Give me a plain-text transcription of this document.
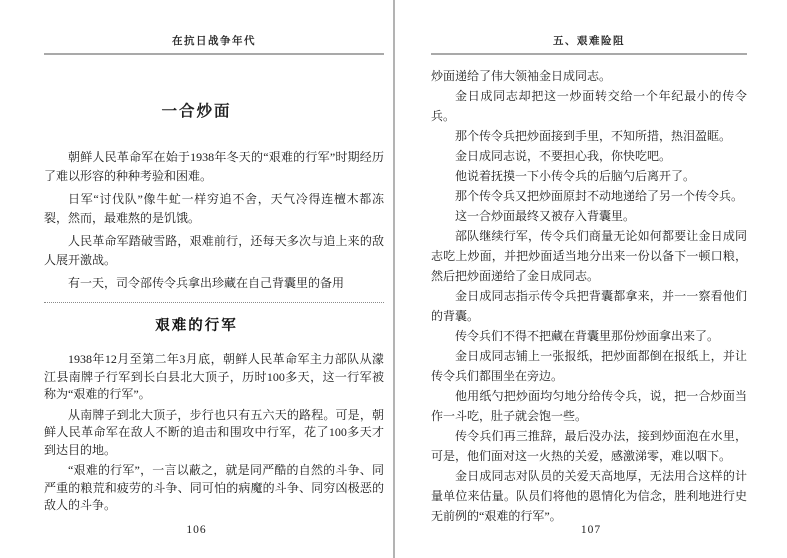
在抗日战争年代
一合炒面

朝鲜人民革命军在始于1938年冬天的“艰难的行军”时期经历了难以形容的种种考验和困难。

日军“讨伐队”像牛虻一样穷追不舍，天气冷得连檀木都冻裂，然而，最难熬的是饥饿。

人民革命军踏破雪路，艰难前行，还每天多次与追上来的敌人展开激战。

有一天，司令部传令兵拿出珍藏在自己背囊里的备用

艰难的行军

1938年12月至第二年3月底，朝鲜人民革命军主力部队从濛江县南牌子行军到长白县北大顶子，历时100多天，这一行军被称为“艰难的行军”。

从南牌子到北大顶子，步行也只有五六天的路程。可是，朝鲜人民革命军在敌人不断的追击和围攻中行军，花了100多天才到达目的地。

“艰难的行军”，一言以蔽之，就是同严酷的自然的斗争、同严重的粮荒和疲劳的斗争、同可怕的病魔的斗争、同穷凶极恶的敌人的斗争。

106
五、艰难险阻

炒面递给了伟大领袖金日成同志。

金日成同志却把这一炒面转交给一个年纪最小的传令兵。

那个传令兵把炒面接到手里，不知所措，热泪盈眶。

金日成同志说，不要担心我，你快吃吧。

他说着抚摸一下小传令兵的后脑勺后离开了。

那个传令兵又把炒面原封不动地递给了另一个传令兵。

这一合炒面最终又被存入背囊里。

部队继续行军，传令兵们商量无论如何都要让金日成同志吃上炒面，并把炒面适当地分出来一份以备下一顿口粮，然后把炒面递给了金日成同志。

金日成同志指示传令兵把背囊都拿来，并一一察看他们的背囊。

传令兵们不得不把藏在背囊里那份炒面拿出来了。

金日成同志铺上一张报纸，把炒面都倒在报纸上，并让传令兵们都围坐在旁边。

他用纸勺把炒面均匀地分给传令兵，说，把一合炒面当作一斗吃，肚子就会饱一些。

传令兵们再三推辞，最后没办法，接到炒面泡在水里，可是，他们面对这一火热的关爱，感激涕零，难以咽下。

金日成同志对队员的关爱天高地厚，无法用合这样的计量单位来估量。队员们将他的恩情化为信念，胜利地进行史无前例的“艰难的行军”。

107
